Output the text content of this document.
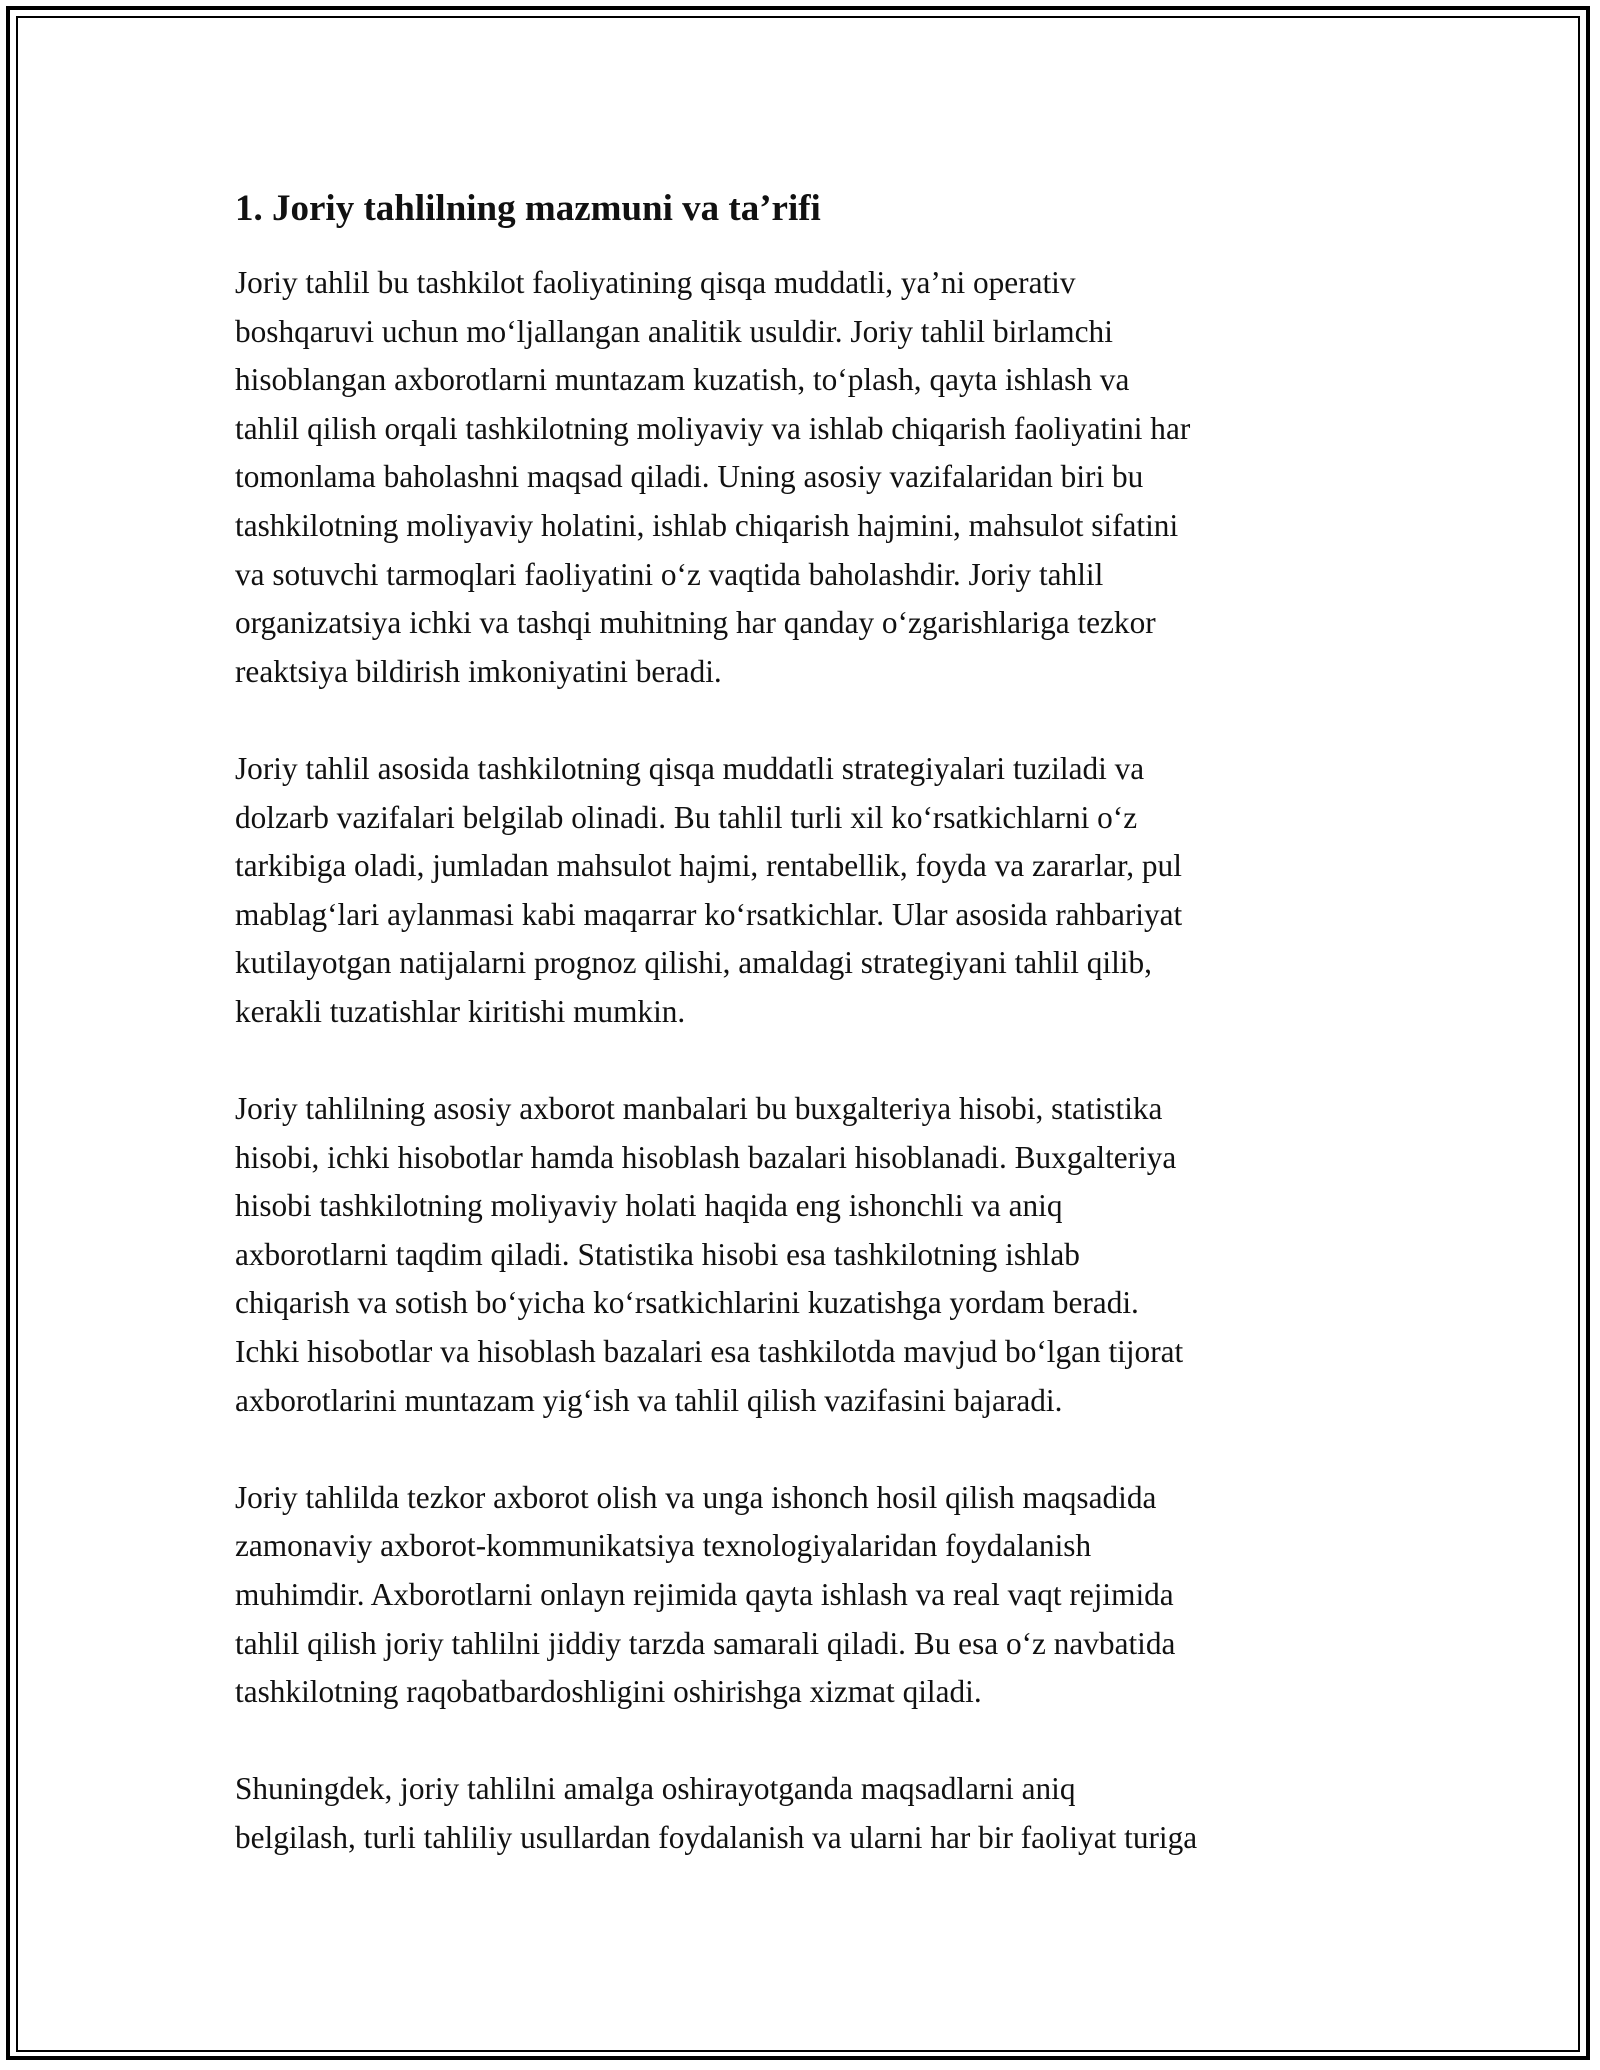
1. Joriy tahlilning mazmuni va ta’rifi

Joriy tahlil bu tashkilot faoliyatining qisqa muddatli, ya’ni operativ
boshqaruvi uchun mo‘ljallangan analitik usuldir. Joriy tahlil birlamchi
hisoblangan axborotlarni muntazam kuzatish, to‘plash, qayta ishlash va
tahlil qilish orqali tashkilotning moliyaviy va ishlab chiqarish faoliyatini har
tomonlama baholashni maqsad qiladi. Uning asosiy vazifalaridan biri bu
tashkilotning moliyaviy holatini, ishlab chiqarish hajmini, mahsulot sifatini
va sotuvchi tarmoqlari faoliyatini o‘z vaqtida baholashdir. Joriy tahlil
organizatsiya ichki va tashqi muhitning har qanday o‘zgarishlariga tezkor
reaktsiya bildirish imkoniyatini beradi.

Joriy tahlil asosida tashkilotning qisqa muddatli strategiyalari tuziladi va
dolzarb vazifalari belgilab olinadi. Bu tahlil turli xil ko‘rsatkichlarni o‘z
tarkibiga oladi, jumladan mahsulot hajmi, rentabellik, foyda va zararlar, pul
mablag‘lari aylanmasi kabi maqarrar ko‘rsatkichlar. Ular asosida rahbariyat
kutilayotgan natijalarni prognoz qilishi, amaldagi strategiyani tahlil qilib,
kerakli tuzatishlar kiritishi mumkin.

Joriy tahlilning asosiy axborot manbalari bu buxgalteriya hisobi, statistika
hisobi, ichki hisobotlar hamda hisoblash bazalari hisoblanadi. Buxgalteriya
hisobi tashkilotning moliyaviy holati haqida eng ishonchli va aniq
axborotlarni taqdim qiladi. Statistika hisobi esa tashkilotning ishlab
chiqarish va sotish bo‘yicha ko‘rsatkichlarini kuzatishga yordam beradi.
Ichki hisobotlar va hisoblash bazalari esa tashkilotda mavjud bo‘lgan tijorat
axborotlarini muntazam yig‘ish va tahlil qilish vazifasini bajaradi.

Joriy tahlilda tezkor axborot olish va unga ishonch hosil qilish maqsadida
zamonaviy axborot-kommunikatsiya texnologiyalaridan foydalanish
muhimdir. Axborotlarni onlayn rejimida qayta ishlash va real vaqt rejimida
tahlil qilish joriy tahlilni jiddiy tarzda samarali qiladi. Bu esa o‘z navbatida
tashkilotning raqobatbardoshligini oshirishga xizmat qiladi.

Shuningdek, joriy tahlilni amalga oshirayotganda maqsadlarni aniq
belgilash, turli tahliliy usullardan foydalanish va ularni har bir faoliyat turiga
